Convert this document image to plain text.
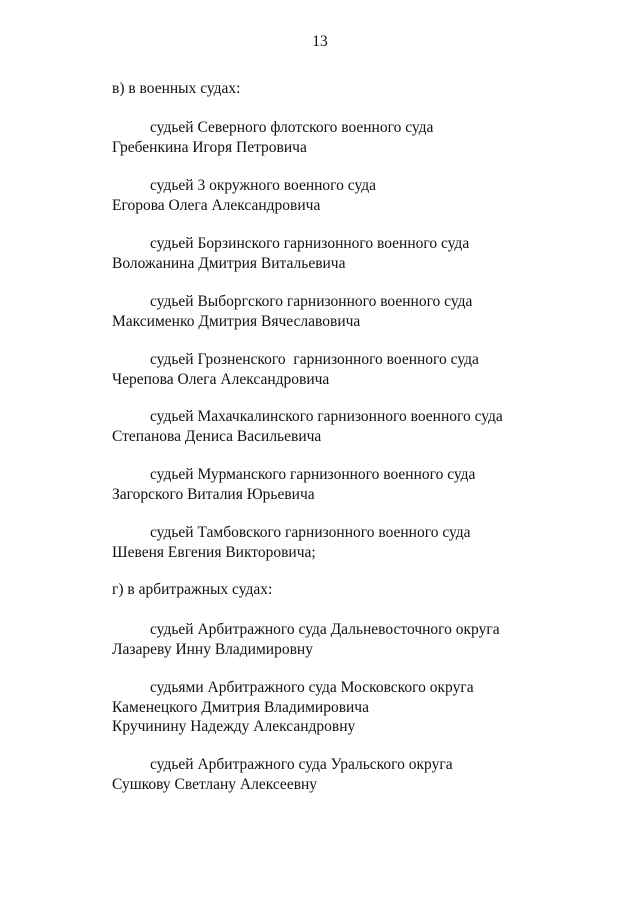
13
в) в военных судах:
судьей Северного флотского военного суда
Гребенкина Игоря Петровича
судьей 3 окружного военного суда
Егорова Олега Александровича
судьей Борзинского гарнизонного военного суда
Воложанина Дмитрия Витальевича
судьей Выборгского гарнизонного военного суда
Максименко Дмитрия Вячеславовича
судьей Грозненского  гарнизонного военного суда
Черепова Олега Александровича
судьей Махачкалинского гарнизонного военного суда
Степанова Дениса Васильевича
судьей Мурманского гарнизонного военного суда
Загорского Виталия Юрьевича
судьей Тамбовского гарнизонного военного суда
Шевеня Евгения Викторовича;
г) в арбитражных судах:
судьей Арбитражного суда Дальневосточного округа
Лазареву Инну Владимировну
судьями Арбитражного суда Московского округа
Каменецкого Дмитрия Владимировича
Кручинину Надежду Александровну
судьей Арбитражного суда Уральского округа
Сушкову Светлану Алексеевну
